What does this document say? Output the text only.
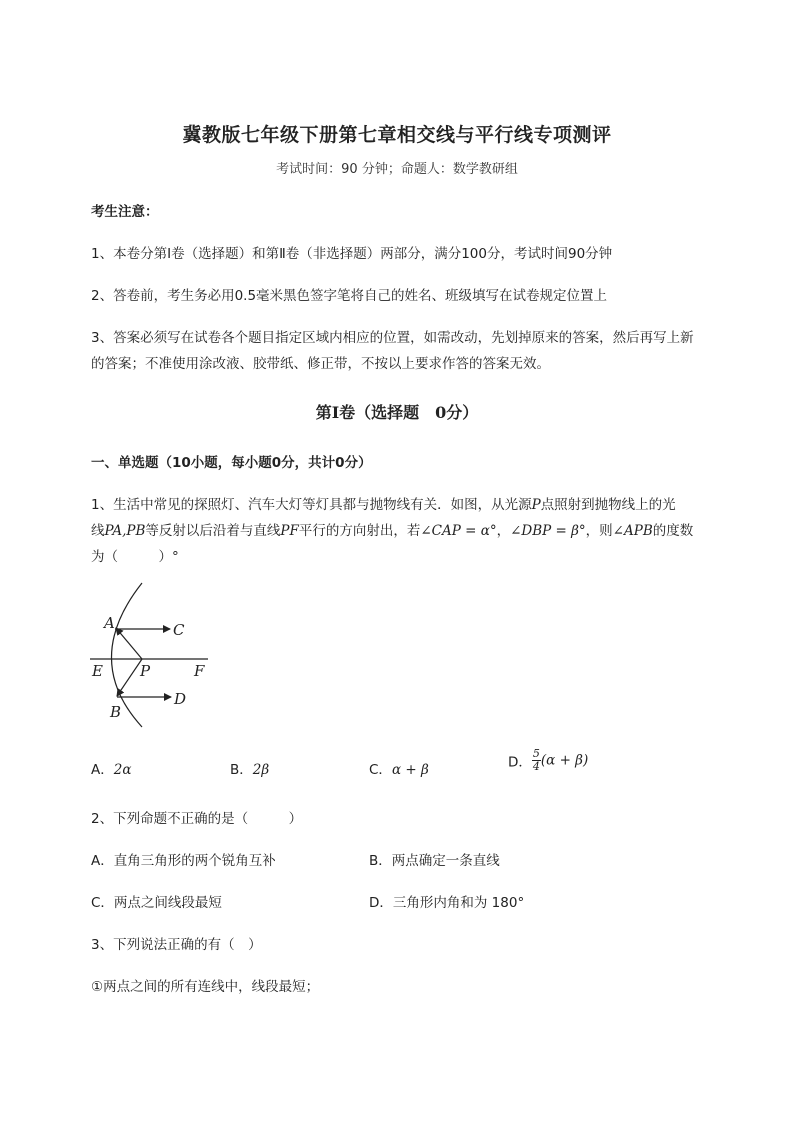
冀教版七年级下册第七章相交线与平行线专项测评
考试时间：90 分钟；命题人：数学教研组
考生注意：
1、本卷分第Ⅰ卷（选择题）和第Ⅱ卷（非选择题）两部分，满分100分，考试时间90分钟
2、答卷前，考生务必用0.5毫米黑色签字笔将自己的姓名、班级填写在试卷规定位置上
3、答案必须写在试卷各个题目指定区域内相应的位置，如需改动，先划掉原来的答案，然后再写上新
的答案；不准使用涂改液、胶带纸、修正带，不按以上要求作答的答案无效。
第Ⅰ卷（选择题　0分）
一、单选题（10小题，每小题0分，共计0分）
1、生活中常见的探照灯、汽车大灯等灯具都与抛物线有关．如图，从光源P点照射到抛物线上的光
线PA,PB等反射以后沿着与直线PF平行的方向射出，若∠CAP = α°，∠DBP = β°，则∠APB的度数
为（　　　）°
A	C
E P	F
D
B
A．2α	B．2β	C．α + β	D． $\frac{5}{4} (\alpha + \beta)$
2、下列命题不正确的是（　　　）
A．直角三角形的两个锐角互补	B．两点确定一条直线
C．两点之间线段最短	D．三角形内角和为 180°
3、下列说法正确的有（　）
①两点之间的所有连线中，线段最短；
